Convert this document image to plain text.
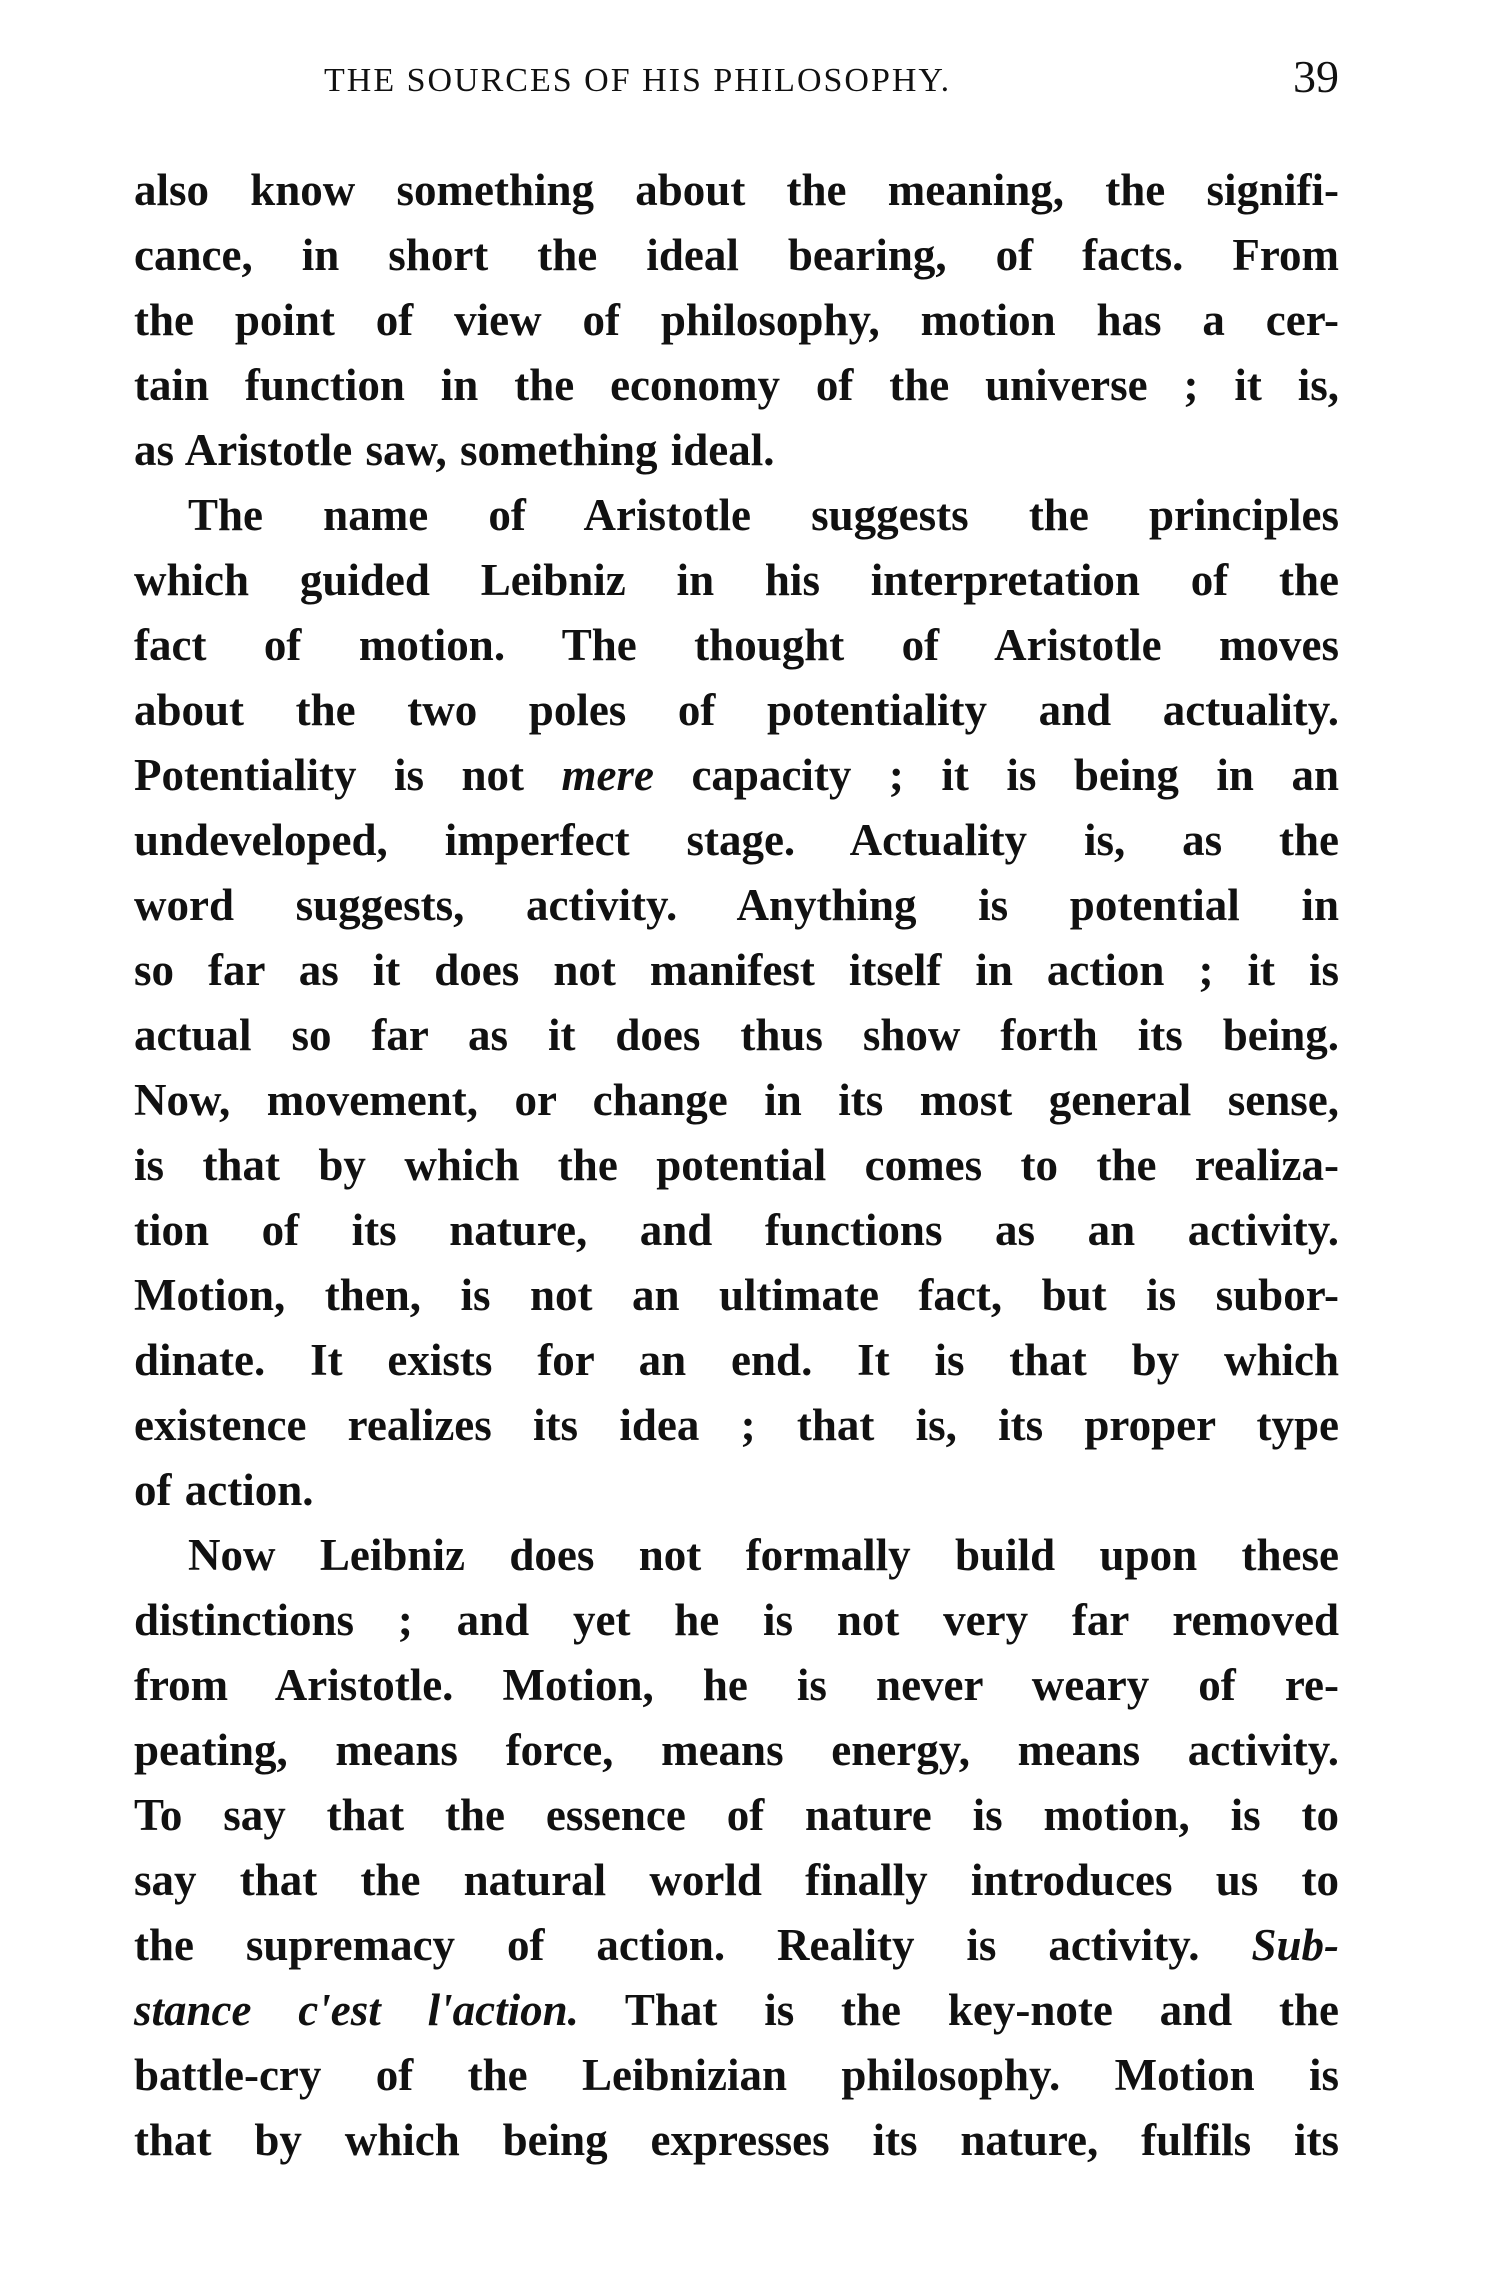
THE SOURCES OF HIS PHILOSOPHY.	39
also know something about the meaning, the signifi-
cance, in short the ideal bearing, of facts. From
the point of view of philosophy, motion has a cer-
tain function in the economy of the universe ; it is,
as Aristotle saw, something ideal.
The name of Aristotle suggests the principles
which guided Leibniz in his interpretation of the
fact of motion. The thought of Aristotle moves
about the two poles of potentiality and actuality.
Potentiality is not mere capacity ; it is being in an
undeveloped, imperfect stage. Actuality is, as the
word suggests, activity. Anything is potential in
so far as it does not manifest itself in action ; it is
actual so far as it does thus show forth its being.
Now, movement, or change in its most general sense,
is that by which the potential comes to the realiza-
tion of its nature, and functions as an activity.
Motion, then, is not an ultimate fact, but is subor-
dinate. It exists for an end. It is that by which
existence realizes its idea ; that is, its proper type
of action.
Now Leibniz does not formally build upon these
distinctions ; and yet he is not very far removed
from Aristotle. Motion, he is never weary of re-
peating, means force, means energy, means activity.
To say that the essence of nature is motion, is to
say that the natural world finally introduces us to
the supremacy of action. Reality is activity. Sub-
stance c'est l'action. That is the key-note and the
battle-cry of the Leibnizian philosophy. Motion is
that by which being expresses its nature, fulfils its
